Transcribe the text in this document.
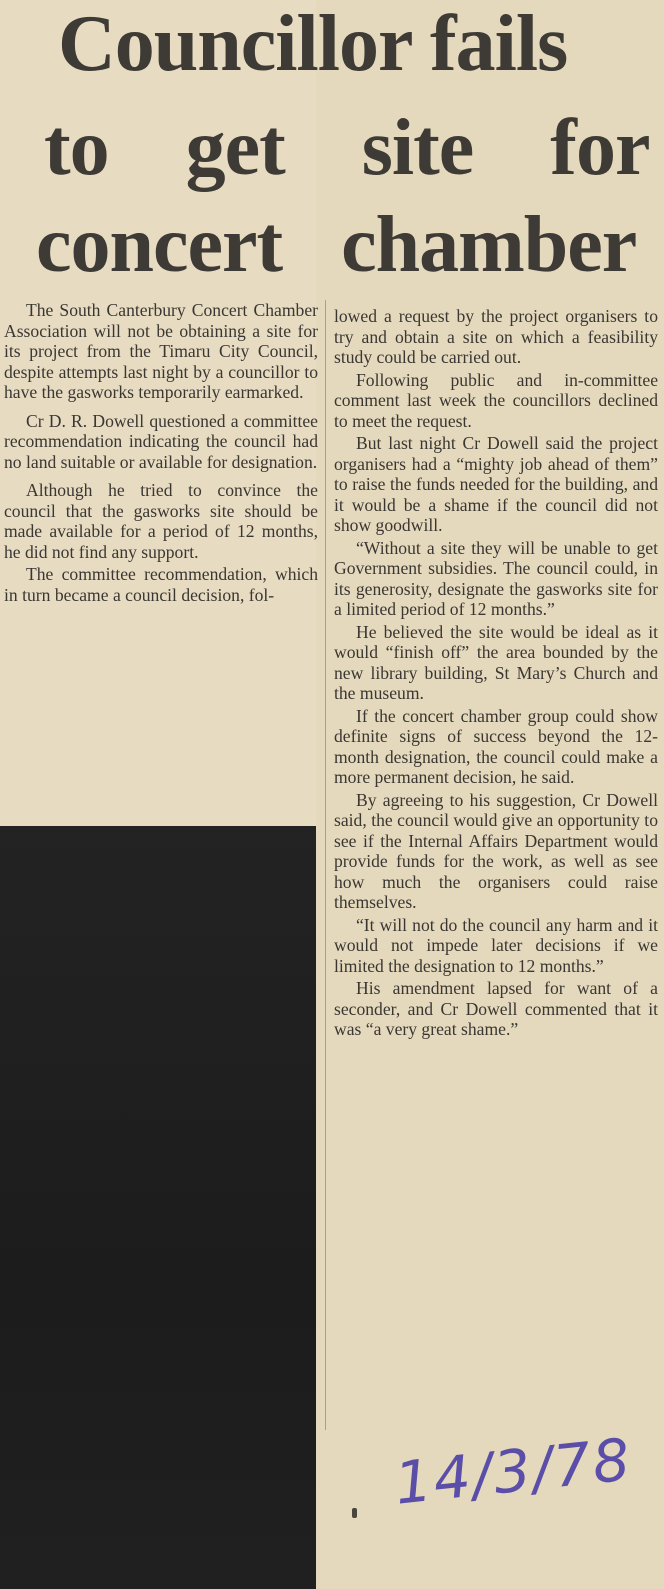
Councillor fails
to get site for
concert chamber

The South Canterbury Concert Chamber Association will not be obtaining a site for its project from the Timaru City Council, despite attempts last night by a councillor to have the gasworks temporarily earmarked.

Cr D. R. Dowell questioned a committee recommendation indicating the council had no land suitable or available for designation.

Although he tried to convince the council that the gasworks site should be made available for a period of 12 months, he did not find any support.

The committee recommendation, which in turn became a council decision, fol-

lowed a request by the project organisers to try and obtain a site on which a feasibility study could be carried out.

Following public and in-committee comment last week the councillors declined to meet the request.

But last night Cr Dowell said the project organisers had a “mighty job ahead of them” to raise the funds needed for the building, and it would be a shame if the council did not show goodwill.

“Without a site they will be unable to get Government subsidies. The council could, in its generosity, designate the gasworks site for a limited period of 12 months.”

He believed the site would be ideal as it would “finish off” the area bounded by the new library building, St Mary’s Church and the museum.

If the concert chamber group could show definite signs of success beyond the 12-month designation, the council could make a more permanent decision, he said.

By agreeing to his suggestion, Cr Dowell said, the council would give an opportunity to see if the Internal Affairs Department would provide funds for the work, as well as see how much the organisers could raise themselves.

“It will not do the council any harm and it would not impede later decisions if we limited the designation to 12 months.”

His amendment lapsed for want of a seconder, and Cr Dowell commented that it was “a very great shame.”

14/3/78
